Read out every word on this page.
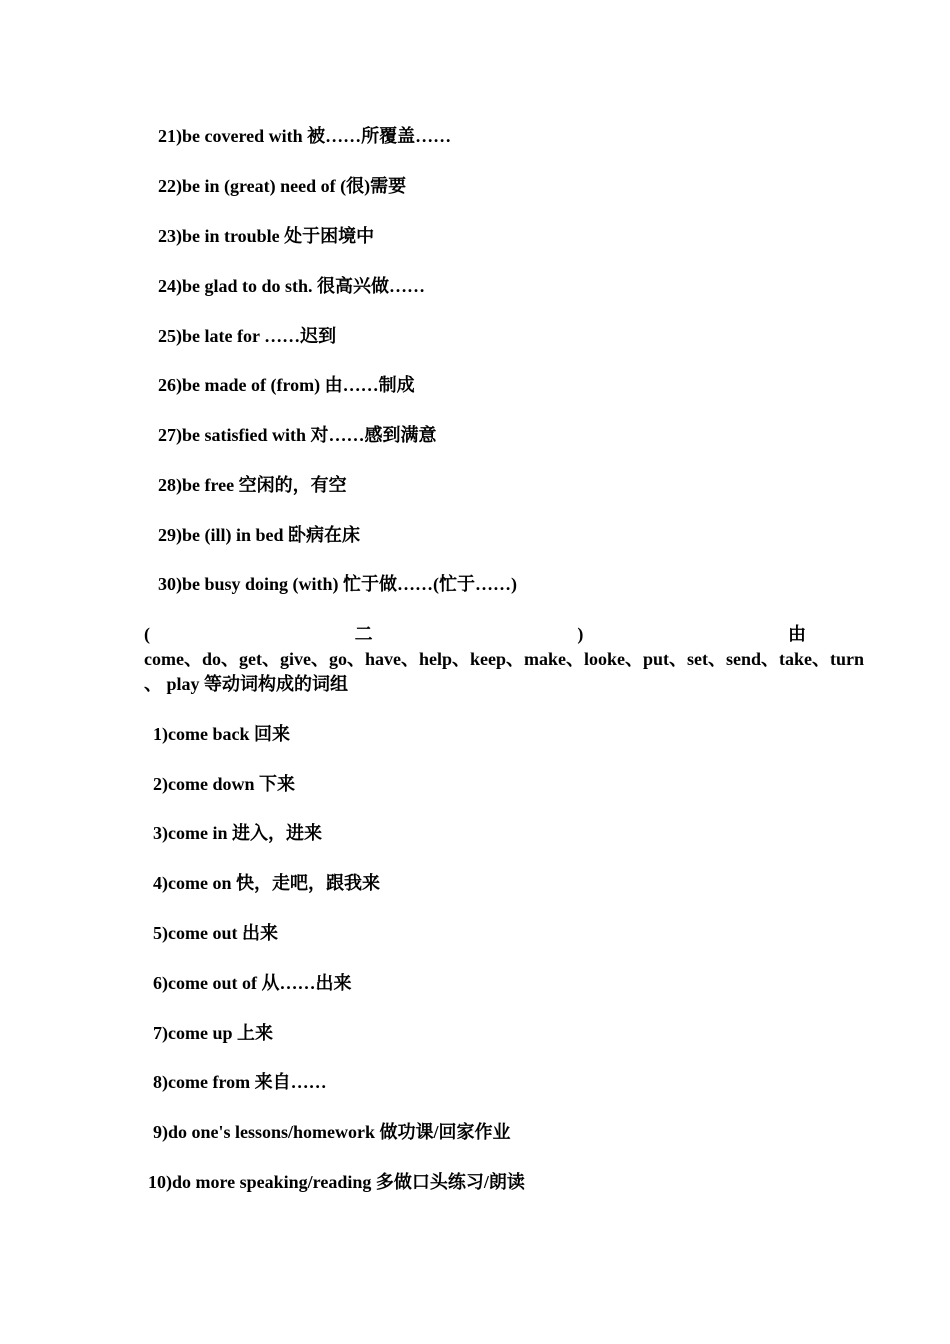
21)be covered with 被……所覆盖……
22)be in (great) need of (很)需要
23)be in trouble 处于困境中
24)be glad to do sth. 很高兴做……
25)be late for ……迟到
26)be made of (from) 由……制成
27)be satisfied with 对……感到满意
28)be free 空闲的，有空
29)be (ill) in bed 卧病在床
30)be busy doing (with) 忙于做……(忙于……)
(	二	)	由
come、do、get、give、go、have、help、keep、make、looke、put、set、send、take、turn
、 play 等动词构成的词组
1)come back 回来
2)come down 下来
3)come in 进入，进来
4)come on 快，走吧，跟我来
5)come out 出来
6)come out of 从……出来
7)come up 上来
8)come from 来自……
9)do one's lessons/homework 做功课/回家作业
10)do more speaking/reading 多做口头练习/朗读
